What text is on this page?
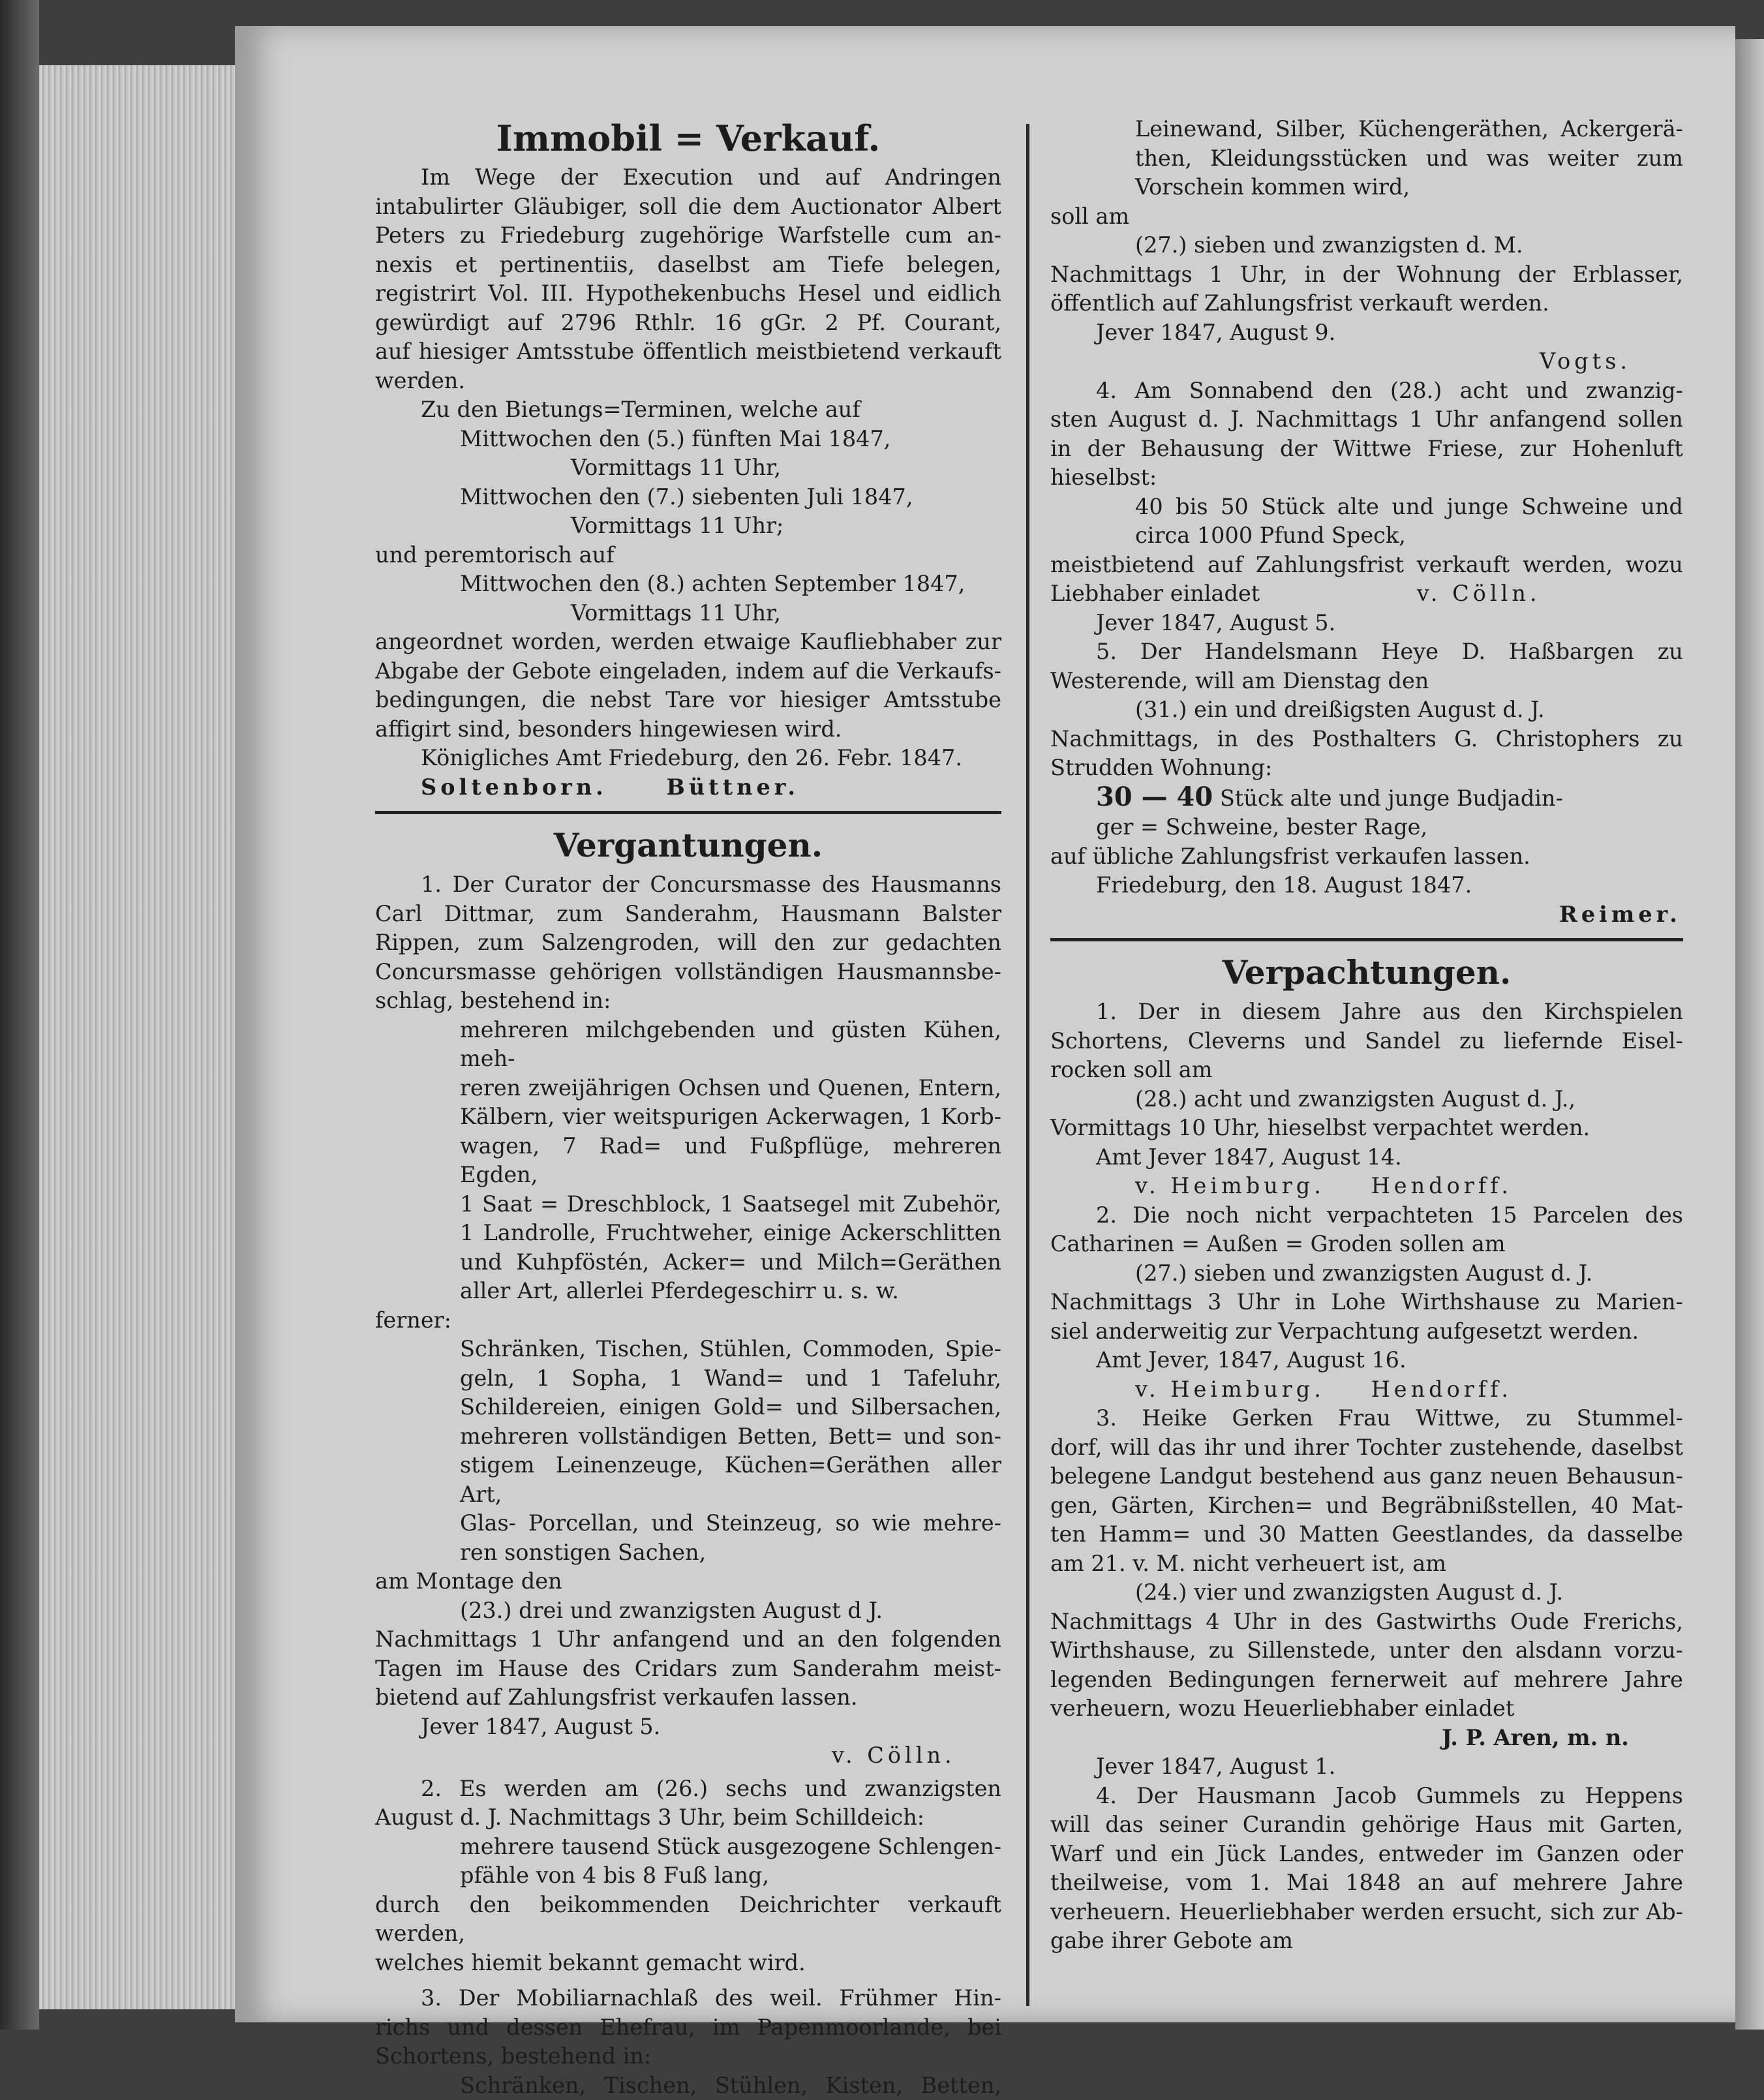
Immobil = Verkauf.

Im Wege der Execution und auf Andringen

intabulirter Gläubiger, soll die dem Auctionator Albert

Peters zu Friedeburg zugehörige Warfstelle cum an-

nexis et pertinentiis, daselbst am Tiefe belegen,

registrirt Vol. III. Hypothekenbuchs Hesel und eidlich

gewürdigt auf 2796 Rthlr. 16 gGr. 2 Pf. Courant,

auf hiesiger Amtsstube öffentlich meistbietend verkauft

werden.

Zu den Bietungs=Terminen, welche auf

Mittwochen den (5.) fünften Mai 1847,

Vormittags 11 Uhr,

Mittwochen den (7.) siebenten Juli 1847,

Vormittags 11 Uhr;

und peremtorisch auf

Mittwochen den (8.) achten September 1847,

Vormittags 11 Uhr,

angeordnet worden, werden etwaige Kaufliebhaber zur

Abgabe der Gebote eingeladen, indem auf die Verkaufs-

bedingungen, die nebst Tare vor hiesiger Amtsstube

affigirt sind, besonders hingewiesen wird.

Königliches Amt Friedeburg, den 26. Febr. 1847.

Soltenborn.	Büttner.

Vergantungen.

1. Der Curator der Concursmasse des Hausmanns

Carl Dittmar, zum Sanderahm, Hausmann Balster

Rippen, zum Salzengroden, will den zur gedachten

Concursmasse gehörigen vollständigen Hausmannsbe-

schlag, bestehend in:

mehreren milchgebenden und güsten Kühen, meh-

reren zweijährigen Ochsen und Quenen, Entern,

Kälbern, vier weitspurigen Ackerwagen, 1 Korb-

wagen, 7 Rad= und Fußpflüge, mehreren Egden,

1 Saat = Dreschblock, 1 Saatsegel mit Zubehör,

1 Landrolle, Fruchtweher, einige Ackerschlitten

und Kuhpföstén, Acker= und Milch=Geräthen

aller Art, allerlei Pferdegeschirr u. s. w.

ferner:

Schränken, Tischen, Stühlen, Commoden, Spie-

geln, 1 Sopha, 1 Wand= und 1 Tafeluhr,

Schildereien, einigen Gold= und Silbersachen,

mehreren vollständigen Betten, Bett= und son-

stigem Leinenzeuge, Küchen=Geräthen aller Art,

Glas- Porcellan, und Steinzeug, so wie mehre-

ren sonstigen Sachen,

am Montage den

(23.) drei und zwanzigsten August d J.

Nachmittags 1 Uhr anfangend und an den folgenden

Tagen im Hause des Cridars zum Sanderahm meist-

bietend auf Zahlungsfrist verkaufen lassen.

Jever 1847, August 5.

v. Cölln.

2. Es werden am (26.) sechs und zwanzigsten

August d. J. Nachmittags 3 Uhr, beim Schilldeich:

mehrere tausend Stück ausgezogene Schlengen-

pfähle von 4 bis 8 Fuß lang,

durch den beikommenden Deichrichter verkauft werden,

welches hiemit bekannt gemacht wird.

3. Der Mobiliarnachlaß des weil. Frühmer Hin-

richs und dessen Ehefrau, im Papenmoorlande, bei

Schortens, bestehend in:

Schränken, Tischen, Stühlen, Kisten, Betten,

Leinewand, Silber, Küchengeräthen, Ackergerä-

then, Kleidungsstücken und was weiter zum

Vorschein kommen wird,

soll am

(27.) sieben und zwanzigsten d. M.

Nachmittags 1 Uhr, in der Wohnung der Erblasser,

öffentlich auf Zahlungsfrist verkauft werden.

Jever 1847, August 9.

Vogts.

4. Am Sonnabend den (28.) acht und zwanzig-

sten August d. J. Nachmittags 1 Uhr anfangend sollen

in der Behausung der Wittwe Friese, zur Hohenluft

hieselbst:

40 bis 50 Stück alte und junge Schweine und

circa 1000 Pfund Speck,

meistbietend auf Zahlungsfrist verkauft werden, wozu

Liebhaber einladet	v. Cölln.

Jever 1847, August 5.

5. Der Handelsmann Heye D. Haßbargen zu

Westerende, will am Dienstag den

(31.) ein und dreißigsten August d. J.

Nachmittags, in des Posthalters G. Christophers zu

Strudden Wohnung:

30 — 40 Stück alte und junge Budjadin-

ger = Schweine, bester Rage,

auf übliche Zahlungsfrist verkaufen lassen.

Friedeburg, den 18. August 1847.

Reimer.

Verpachtungen.

1. Der in diesem Jahre aus den Kirchspielen

Schortens, Cleverns und Sandel zu liefernde Eisel-

rocken soll am

(28.) acht und zwanzigsten August d. J.,

Vormittags 10 Uhr, hieselbst verpachtet werden.

Amt Jever 1847, August 14.

v. Heimburg. Hendorff.

2. Die noch nicht verpachteten 15 Parcelen des

Catharinen = Außen = Groden sollen am

(27.) sieben und zwanzigsten August d. J.

Nachmittags 3 Uhr in Lohe Wirthshause zu Marien-

siel anderweitig zur Verpachtung aufgesetzt werden.

Amt Jever, 1847, August 16.

v. Heimburg. Hendorff.

3. Heike Gerken Frau Wittwe, zu Stummel-

dorf, will das ihr und ihrer Tochter zustehende, daselbst

belegene Landgut bestehend aus ganz neuen Behausun-

gen, Gärten, Kirchen= und Begräbnißstellen, 40 Mat-

ten Hamm= und 30 Matten Geestlandes, da dasselbe

am 21. v. M. nicht verheuert ist, am

(24.) vier und zwanzigsten August d. J.

Nachmittags 4 Uhr in des Gastwirths Oude Frerichs,

Wirthshause, zu Sillenstede, unter den alsdann vorzu-

legenden Bedingungen fernerweit auf mehrere Jahre

verheuern, wozu Heuerliebhaber einladet

J. P. Aren, m. n.

Jever 1847, August 1.

4. Der Hausmann Jacob Gummels zu Heppens

will das seiner Curandin gehörige Haus mit Garten,

Warf und ein Jück Landes, entweder im Ganzen oder

theilweise, vom 1. Mai 1848 an auf mehrere Jahre

verheuern. Heuerliebhaber werden ersucht, sich zur Ab-

gabe ihrer Gebote am
